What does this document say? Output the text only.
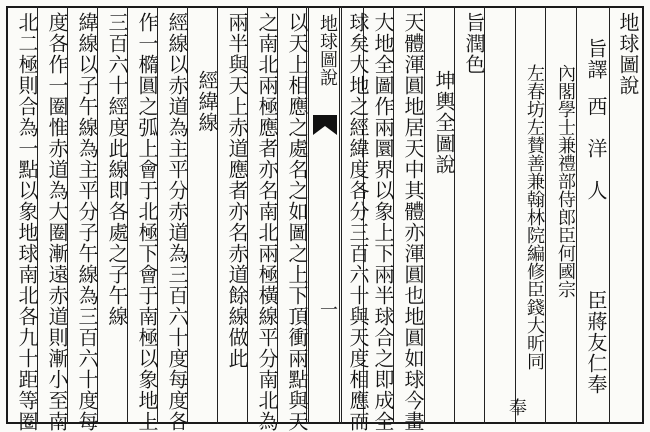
地球圖說
旨譯
西　洋　人
臣蔣友仁奉
內閣學士兼禮部侍郎臣何國宗
左春坊左賛善兼翰林院編修臣錢大昕同
奉
旨潤色
坤輿全圖說
天體渾圓地居天中其體亦渾圓也地圓如球今畫
大地全圖作兩圜界以象上下兩半球合之即成全
球矣大地之經緯度各分三百六十與天度相應而
地球圖說
一
以天上相應之處名之如圖之上下頂衝兩點與天
之南北兩極應者亦名南北兩極橫線平分南北為
兩半與天上赤道應者亦名赤道餘線做此
經緯線
經線以赤道為主平分赤道為三百六十度每度各
作一橢圓之弧上會于北極下會于南極以象地上
三百六十經度此線即各處之子午線
緯線以子午線為主平分子午線為三百六十度每
度各作一圈惟赤道為大圈漸遠赤道則漸小至南
北二極則合為一點以象地球南北各九十距等圈
